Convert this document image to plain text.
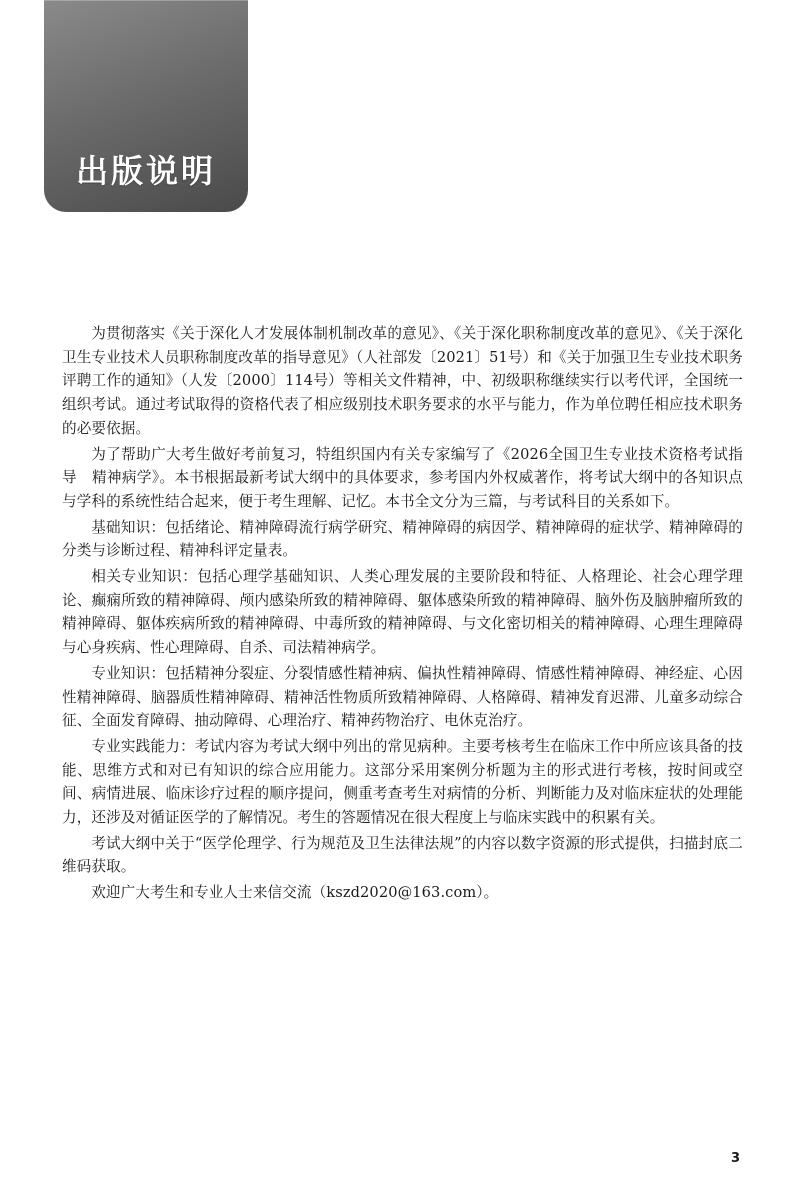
出版说明

为贯彻落实《关于深化人才发展体制机制改革的意见》、《关于深化职称制度改革的意见》、《关于深化卫生专业技术人员职称制度改革的指导意见》（人社部发〔2021〕51号）和《关于加强卫生专业技术职务评聘工作的通知》（人发〔2000〕114号）等相关文件精神，中、初级职称继续实行以考代评，全国统一组织考试。通过考试取得的资格代表了相应级别技术职务要求的水平与能力，作为单位聘任相应技术职务的必要依据。

为了帮助广大考生做好考前复习，特组织国内有关专家编写了《2026全国卫生专业技术资格考试指导　精神病学》。本书根据最新考试大纲中的具体要求，参考国内外权威著作，将考试大纲中的各知识点与学科的系统性结合起来，便于考生理解、记忆。本书全文分为三篇，与考试科目的关系如下。

基础知识：包括绪论、精神障碍流行病学研究、精神障碍的病因学、精神障碍的症状学、精神障碍的分类与诊断过程、精神科评定量表。

相关专业知识：包括心理学基础知识、人类心理发展的主要阶段和特征、人格理论、社会心理学理论、癫痫所致的精神障碍、颅内感染所致的精神障碍、躯体感染所致的精神障碍、脑外伤及脑肿瘤所致的精神障碍、躯体疾病所致的精神障碍、中毒所致的精神障碍、与文化密切相关的精神障碍、心理生理障碍与心身疾病、性心理障碍、自杀、司法精神病学。

专业知识：包括精神分裂症、分裂情感性精神病、偏执性精神障碍、情感性精神障碍、神经症、心因性精神障碍、脑器质性精神障碍、精神活性物质所致精神障碍、人格障碍、精神发育迟滞、儿童多动综合征、全面发育障碍、抽动障碍、心理治疗、精神药物治疗、电休克治疗。

专业实践能力：考试内容为考试大纲中列出的常见病种。主要考核考生在临床工作中所应该具备的技能、思维方式和对已有知识的综合应用能力。这部分采用案例分析题为主的形式进行考核，按时间或空间、病情进展、临床诊疗过程的顺序提问，侧重考查考生对病情的分析、判断能力及对临床症状的处理能力，还涉及对循证医学的了解情况。考生的答题情况在很大程度上与临床实践中的积累有关。

考试大纲中关于“医学伦理学、行为规范及卫生法律法规”的内容以数字资源的形式提供，扫描封底二维码获取。

欢迎广大考生和专业人士来信交流（kszd2020@163.com）。

3
